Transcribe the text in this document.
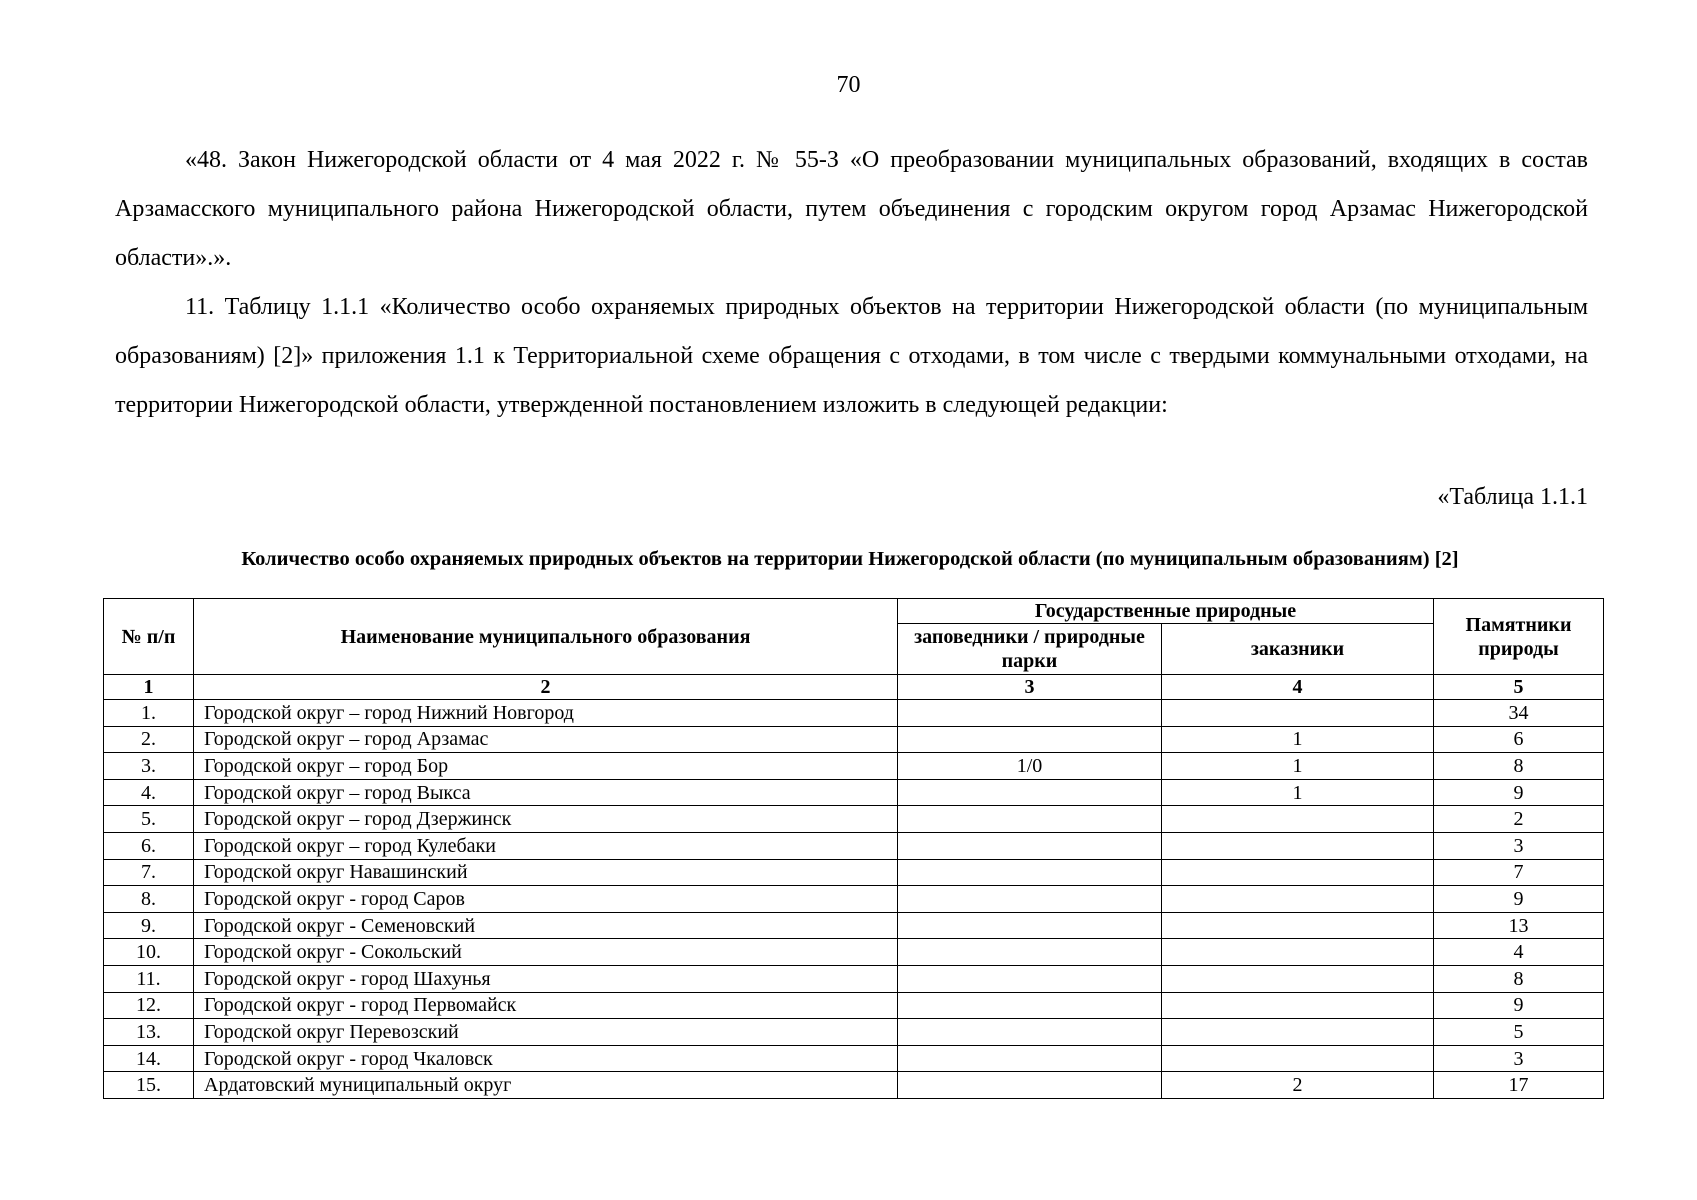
70

«48. Закон Нижегородской области от 4 мая 2022 г. № 55-З «О преобразовании муниципальных образований, входящих в состав Арзамасского муниципального района Нижегородской области, путем объединения с городским округом город Арзамас Нижегородской области».».

11. Таблицу 1.1.1 «Количество особо охраняемых природных объектов на территории Нижегородской области (по муниципальным образованиям) [2]» приложения 1.1 к Территориальной схеме обращения с отходами, в том числе с твердыми коммунальными отходами, на территории Нижегородской области, утвержденной постановлением изложить в следующей редакции:

«Таблица 1.1.1
Количество особо охраняемых природных объектов на территории Нижегородской области (по муниципальным образованиям) [2]
№ п/п	Наименование муниципального образования	Государственные природные		Памятники природы
		заповедники / природные парки	заказники	
1	2	3	4	5
1.	Городской округ – город Нижний Новгород			34
2.	Городской округ – город Арзамас		1	6
3.	Городской округ – город Бор	1/0	1	8
4.	Городской округ – город Выкса		1	9
5.	Городской округ – город Дзержинск			2
6.	Городской округ – город Кулебаки			3
7.	Городской округ Навашинский			7
8.	Городской округ - город Саров			9
9.	Городской округ - Семеновский			13
10.	Городской округ - Сокольский			4
11.	Городской округ - город Шахунья			8
12.	Городской округ - город Первомайск			9
13.	Городской округ Перевозский			5
14.	Городской округ - город Чкаловск			3
15.	Ардатовский муниципальный округ		2	17
